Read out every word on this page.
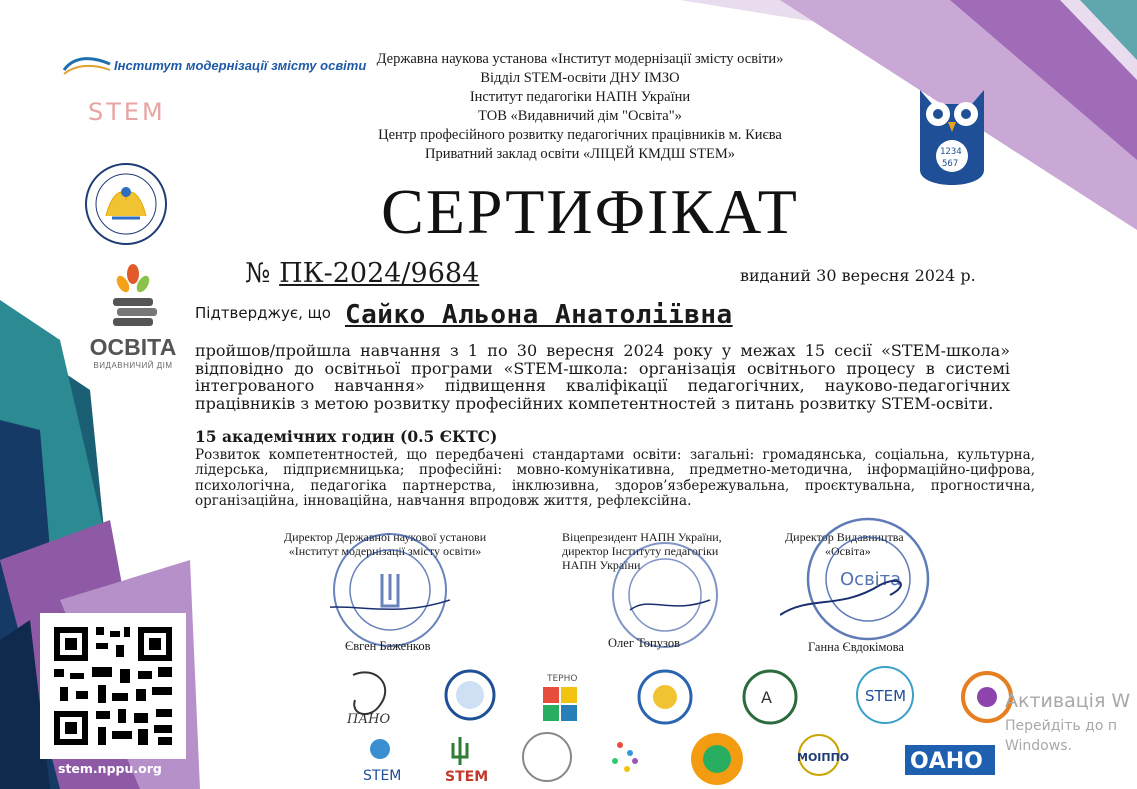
Інститут модернізації змісту освіти
STEM
ОСВІТА
ВИДАВНИЧИЙ ДІМ
1234
567
Державна наукова установа «Інститут модернізації змісту освіти»
Відділ STEM-освіти ДНУ ІМЗО
Інститут педагогіки НАПН України
ТОВ «Видавничий дім "Освіта"»
Центр професійного розвитку педагогічних працівників м. Києва
Приватний заклад освіти «ЛІЦЕЙ КМДШ STEM»
СЕРТИФІКАТ
№ ПК-2024/9684	виданий 30 вересня 2024 р.
Підтверджує, що Сайко Альона Анатоліївна
пройшов/пройшла навчання з 1 по 30 вересня 2024 року у межах 15 сесії «STEM-школа» відповідно до освітньої програми «STEM-школа: організація освітнього процесу в системі інтегрованого навчання» підвищення кваліфікації педагогічних, науково-педагогічних працівників з метою розвитку професійних компетентностей з питань розвитку STEM-освіти.
15 академічних годин (0.5 ЄКТС)
Розвиток компетентностей, що передбачені стандартами освіти: загальні: громадянська, соціальна, культурна, лідерська, підприємницька; професійні: мовно-комунікативна, предметно-методична, інформаційно-цифрова, психологічна, педагогіка партнерства, інклюзивна, здоров’язбережувальна, проєктувальна, прогностична, організаційна, інноваційна, навчання впродовж життя, рефлексійна.
Директор Державної наукової установи
«Інститут модернізації змісту освіти»
Віцепрезидент НАПН України,
директор Інституту педагогіки
НАПН України
Директор Видавництва
«Освіта»
Освіта
Євген Баженков	Олег Топузов	Ганна Євдокімова
stem.nppu.org
ПАНО
ТЕРНО
A	STEM
STEM	STEM
МОІППО	ОАНО
Активація W
Перейдіть до п
Windows.
